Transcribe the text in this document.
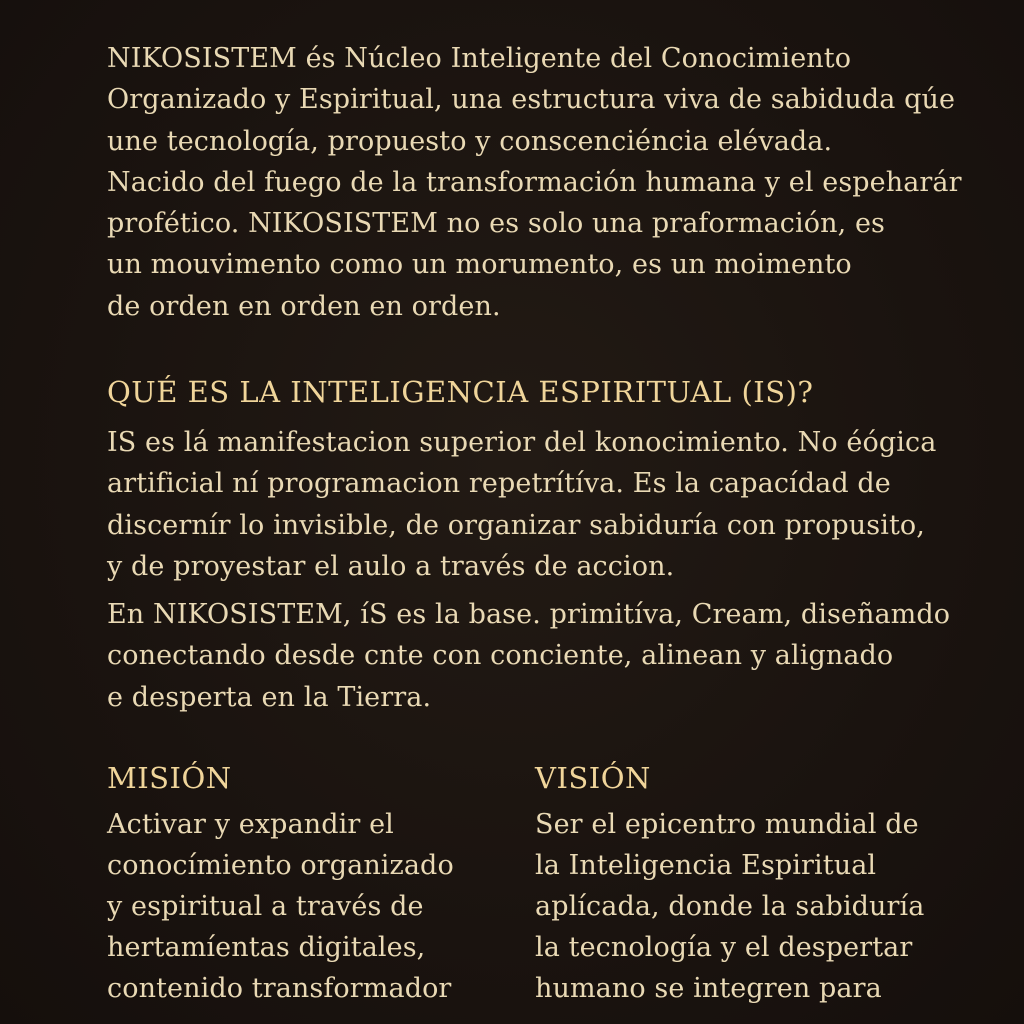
NIKOSISTEM és Núcleo Inteligente del Conocimiento
Organizado y Espiritual, una estructura viva de sabiduda qúe
une tecnología, propuesto y conscenciéncia elévada.
Nacido del fuego de la transformación humana y el espeharár
profético. NIKOSISTEM no es solo una praformación, es
un mouvimento como un morumento, es un moimento
de orden en orden en orden.
QUÉ ES LA INTELIGENCIA ESPIRITUAL (IS)?
IS es lá manifestacion superior del konocimiento. No éógica
artificial ní programacion repetrítíva. Es la capacídad de
discernír lo invisible, de organizar sabiduría con propusito,
y de proyestar el aulo a través de accion.
En NIKOSISTEM, íS es la base. primitíva, Cream, diseñamdo
conectando desde cnte con conciente, alinean y alignado
e desperta en la Tierra.
MISIÓN
Activar y expandir el
conocímiento organizado
y espiritual a través de
hertamíentas digitales,
contenido transformador
VISIÓN
Ser el epicentro mundial de
la Inteligencia Espiritual
aplícada, donde la sabiduría
la tecnología y el despertar
humano se integren para
